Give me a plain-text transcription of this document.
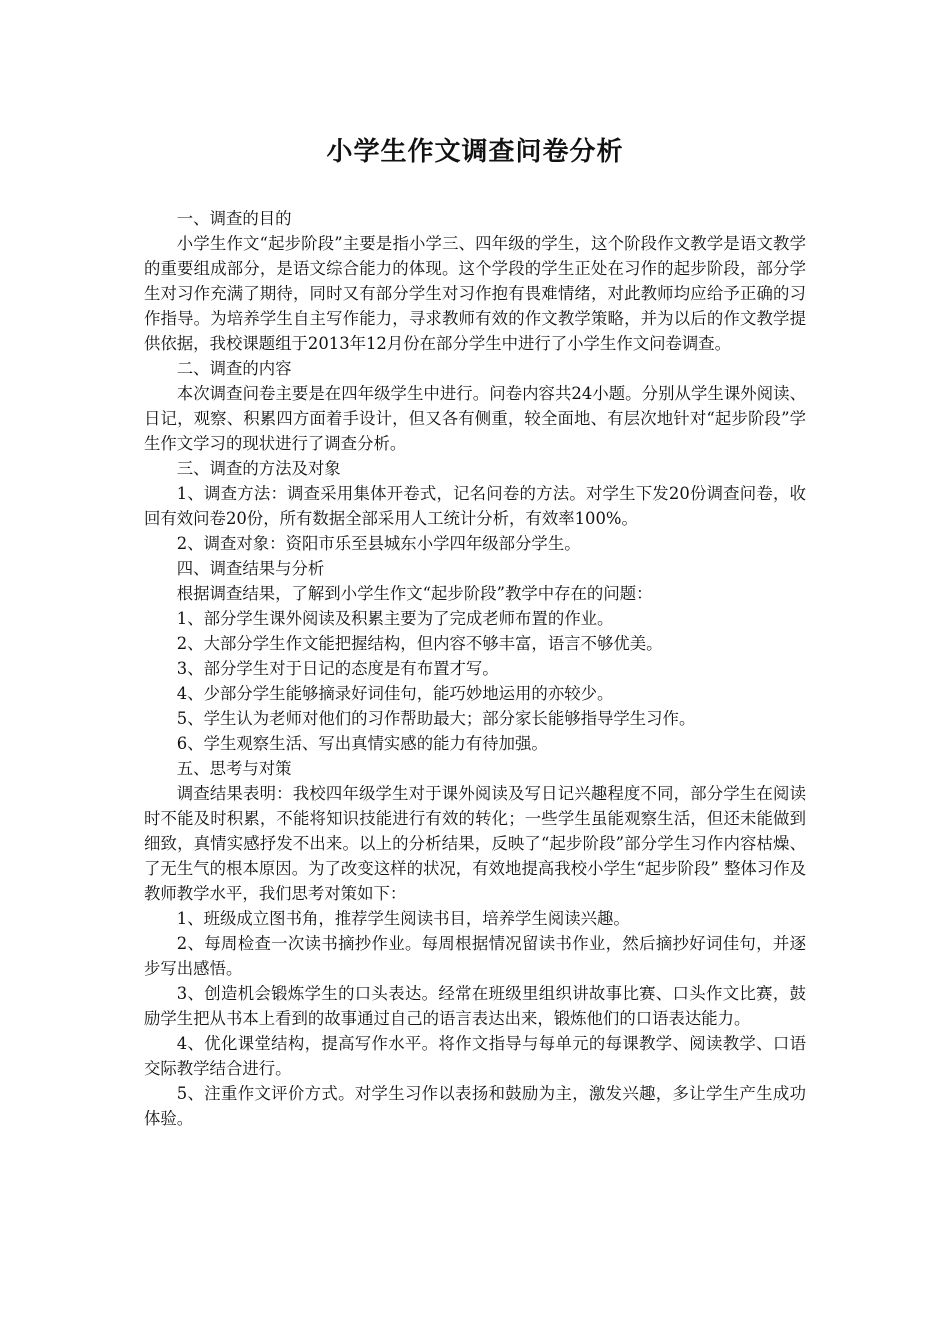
小学生作文调查问卷分析

一、调查的目的

小学生作文“起步阶段”主要是指小学三、四年级的学生，这个阶段作文教学是语文教学的重要组成部分，是语文综合能力的体现。这个学段的学生正处在习作的起步阶段，部分学生对习作充满了期待，同时又有部分学生对习作抱有畏难情绪，对此教师均应给予正确的习作指导。为培养学生自主写作能力，寻求教师有效的作文教学策略，并为以后的作文教学提供依据，我校课题组于2013年12月份在部分学生中进行了小学生作文问卷调查。

二、调查的内容

本次调查问卷主要是在四年级学生中进行。问卷内容共24小题。分别从学生课外阅读、日记，观察、积累四方面着手设计，但又各有侧重，较全面地、有层次地针对“起步阶段”学生作文学习的现状进行了调查分析。

三、调查的方法及对象

1、调查方法：调查采用集体开卷式，记名问卷的方法。对学生下发20份调查问卷，收回有效问卷20份，所有数据全部采用人工统计分析，有效率100%。

2、调查对象：资阳市乐至县城东小学四年级部分学生。

四、调查结果与分析

根据调查结果，了解到小学生作文“起步阶段”教学中存在的问题：

1、部分学生课外阅读及积累主要为了完成老师布置的作业。

2、大部分学生作文能把握结构，但内容不够丰富，语言不够优美。

3、部分学生对于日记的态度是有布置才写。

4、少部分学生能够摘录好词佳句，能巧妙地运用的亦较少。

5、学生认为老师对他们的习作帮助最大；部分家长能够指导学生习作。

6、学生观察生活、写出真情实感的能力有待加强。

五、思考与对策

调查结果表明：我校四年级学生对于课外阅读及写日记兴趣程度不同，部分学生在阅读时不能及时积累，不能将知识技能进行有效的转化；一些学生虽能观察生活，但还未能做到细致，真情实感抒发不出来。以上的分析结果，反映了“起步阶段”部分学生习作内容枯燥、了无生气的根本原因。为了改变这样的状况，有效地提高我校小学生“起步阶段” 整体习作及教师教学水平，我们思考对策如下：

1、班级成立图书角，推荐学生阅读书目，培养学生阅读兴趣。

2、每周检查一次读书摘抄作业。每周根据情况留读书作业，然后摘抄好词佳句，并逐步写出感悟。

3、创造机会锻炼学生的口头表达。经常在班级里组织讲故事比赛、口头作文比赛，鼓励学生把从书本上看到的故事通过自己的语言表达出来，锻炼他们的口语表达能力。

4、优化课堂结构，提高写作水平。将作文指导与每单元的每课教学、阅读教学、口语交际教学结合进行。

5、注重作文评价方式。对学生习作以表扬和鼓励为主，激发兴趣，多让学生产生成功体验。
